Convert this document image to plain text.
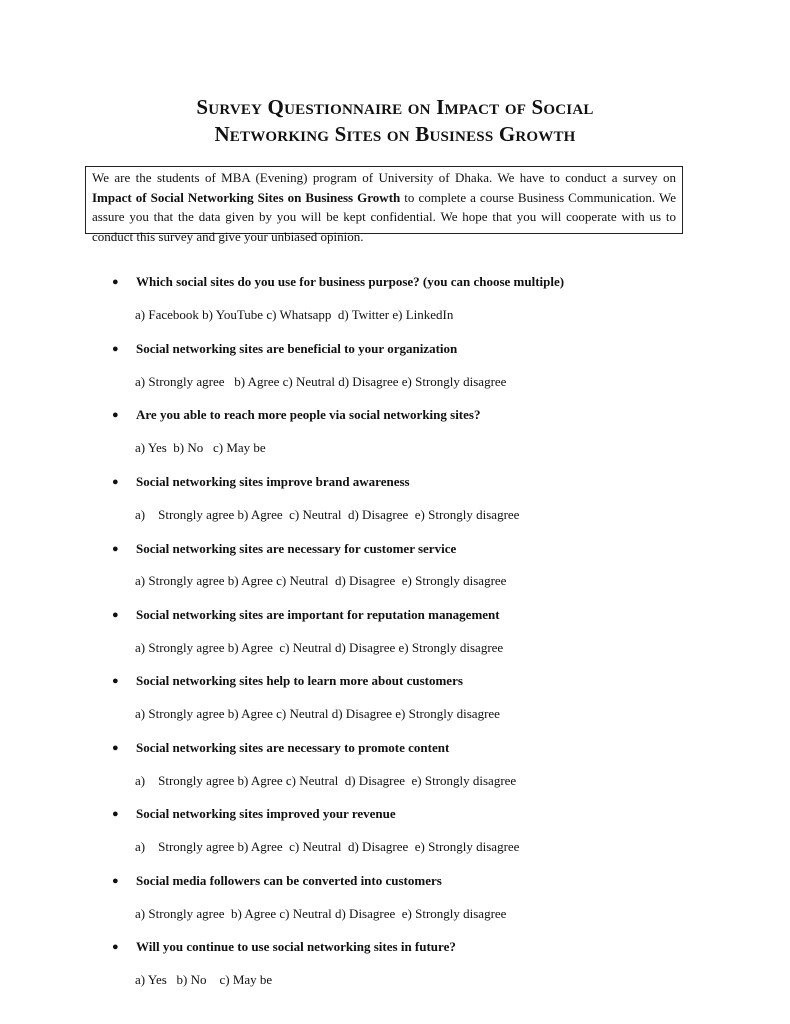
Survey Questionnaire on Impact of Social
Networking Sites on Business Growth

We are the students of MBA (Evening) program of University of Dhaka. We have to conduct a survey on Impact of Social Networking Sites on Business Growth to complete a course Business Communication. We assure you that the data given by you will be kept confidential. We hope that you will cooperate with us to conduct this survey and give your unbiased opinion.

● Which social sites do you use for business purpose? (you can choose multiple)
a) Facebook b) YouTube c) Whatsapp  d) Twitter e) LinkedIn
● Social networking sites are beneficial to your organization
a) Strongly agree   b) Agree c) Neutral d) Disagree e) Strongly disagree
● Are you able to reach more people via social networking sites?
a) Yes  b) No   c) May be
● Social networking sites improve brand awareness
a)    Strongly agree b) Agree  c) Neutral  d) Disagree  e) Strongly disagree
● Social networking sites are necessary for customer service
a) Strongly agree b) Agree c) Neutral  d) Disagree  e) Strongly disagree
● Social networking sites are important for reputation management
a) Strongly agree b) Agree  c) Neutral d) Disagree e) Strongly disagree
● Social networking sites help to learn more about customers
a) Strongly agree b) Agree c) Neutral d) Disagree e) Strongly disagree
● Social networking sites are necessary to promote content
a)    Strongly agree b) Agree c) Neutral  d) Disagree  e) Strongly disagree
● Social networking sites improved your revenue
a)    Strongly agree b) Agree  c) Neutral  d) Disagree  e) Strongly disagree
● Social media followers can be converted into customers
a) Strongly agree  b) Agree c) Neutral d) Disagree  e) Strongly disagree
● Will you continue to use social networking sites in future?
a) Yes   b) No    c) May be
